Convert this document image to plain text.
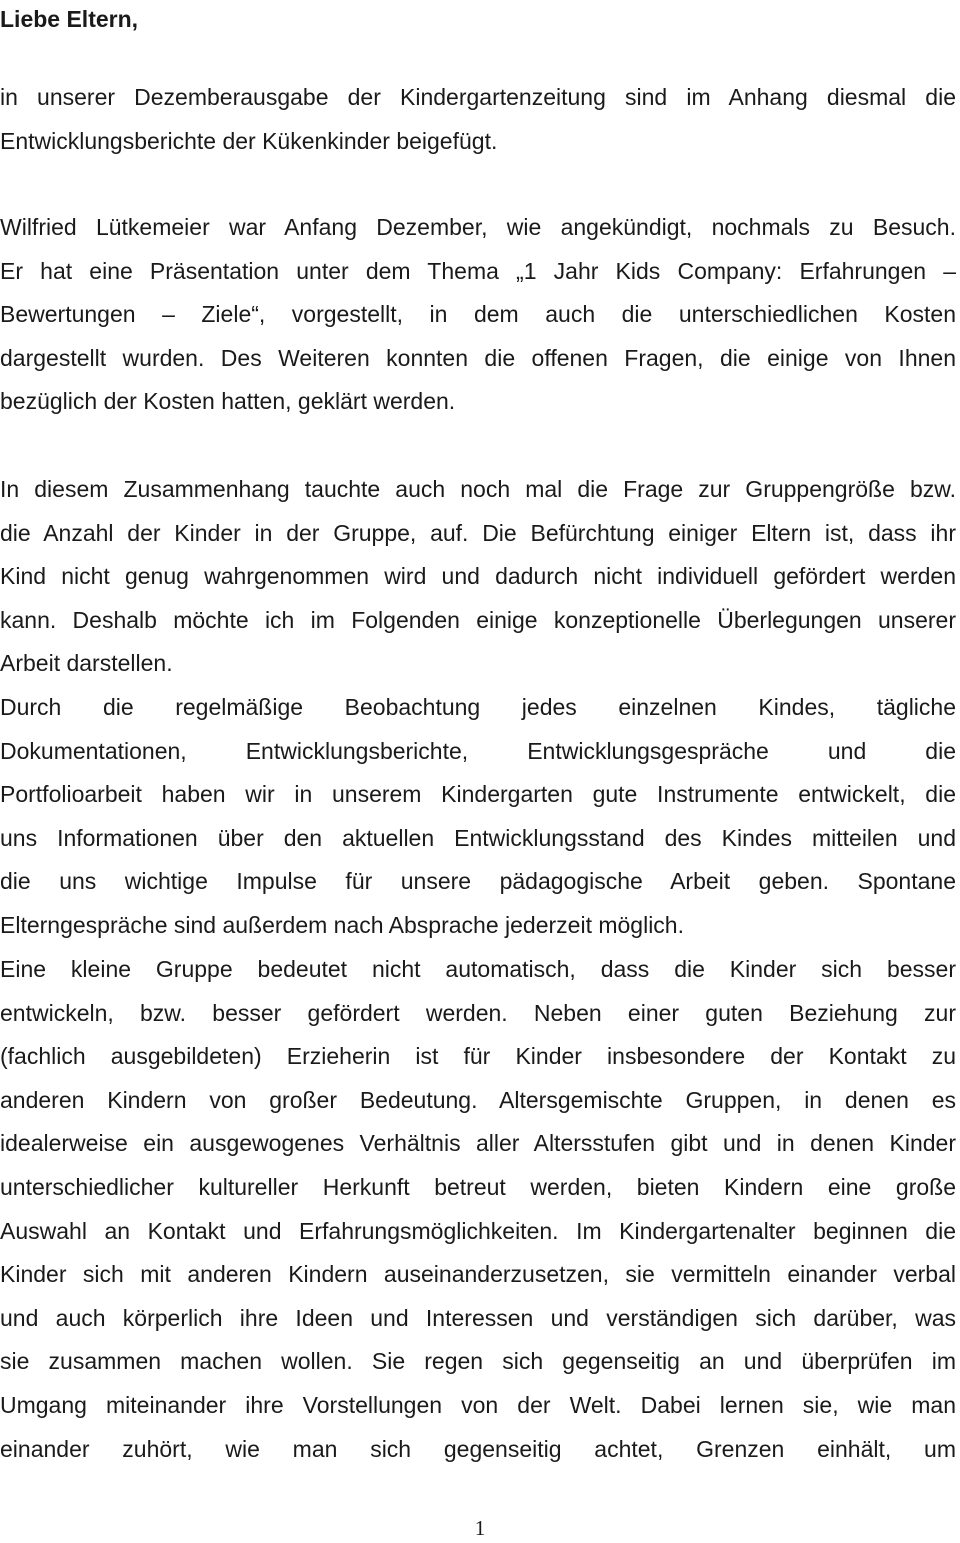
Liebe Eltern,

in unserer Dezemberausgabe der Kindergartenzeitung sind im Anhang diesmal die
Entwicklungsberichte der Kükenkinder beigefügt.

Wilfried Lütkemeier war Anfang Dezember, wie angekündigt, nochmals zu Besuch.
Er hat eine Präsentation unter dem Thema „1 Jahr Kids Company: Erfahrungen –
Bewertungen – Ziele“, vorgestellt, in dem auch die unterschiedlichen Kosten
dargestellt wurden. Des Weiteren konnten die offenen Fragen, die einige von Ihnen
bezüglich der Kosten hatten, geklärt werden.

In diesem Zusammenhang tauchte auch noch mal die Frage zur Gruppengröße bzw.
die Anzahl der Kinder in der Gruppe, auf. Die Befürchtung einiger Eltern ist, dass ihr
Kind nicht genug wahrgenommen wird und dadurch nicht individuell gefördert werden
kann. Deshalb möchte ich im Folgenden einige konzeptionelle Überlegungen unserer
Arbeit darstellen.

Durch die regelmäßige Beobachtung jedes einzelnen Kindes, tägliche
Dokumentationen, Entwicklungsberichte, Entwicklungsgespräche und die
Portfolioarbeit haben wir in unserem Kindergarten gute Instrumente entwickelt, die
uns Informationen über den aktuellen Entwicklungsstand des Kindes mitteilen und
die uns wichtige Impulse für unsere pädagogische Arbeit geben. Spontane
Elterngespräche sind außerdem nach Absprache jederzeit möglich.

Eine kleine Gruppe bedeutet nicht automatisch, dass die Kinder sich besser
entwickeln, bzw. besser gefördert werden. Neben einer guten Beziehung zur
(fachlich ausgebildeten) Erzieherin ist für Kinder insbesondere der Kontakt zu
anderen Kindern von großer Bedeutung. Altersgemischte Gruppen, in denen es
idealerweise ein ausgewogenes Verhältnis aller Altersstufen gibt und in denen Kinder
unterschiedlicher kultureller Herkunft betreut werden, bieten Kindern eine große
Auswahl an Kontakt und Erfahrungsmöglichkeiten. Im Kindergartenalter beginnen die
Kinder sich mit anderen Kindern auseinanderzusetzen, sie vermitteln einander verbal
und auch körperlich ihre Ideen und Interessen und verständigen sich darüber, was
sie zusammen machen wollen. Sie regen sich gegenseitig an und überprüfen im
Umgang miteinander ihre Vorstellungen von der Welt. Dabei lernen sie, wie man
einander zuhört, wie man sich gegenseitig achtet, Grenzen einhält, um

1
